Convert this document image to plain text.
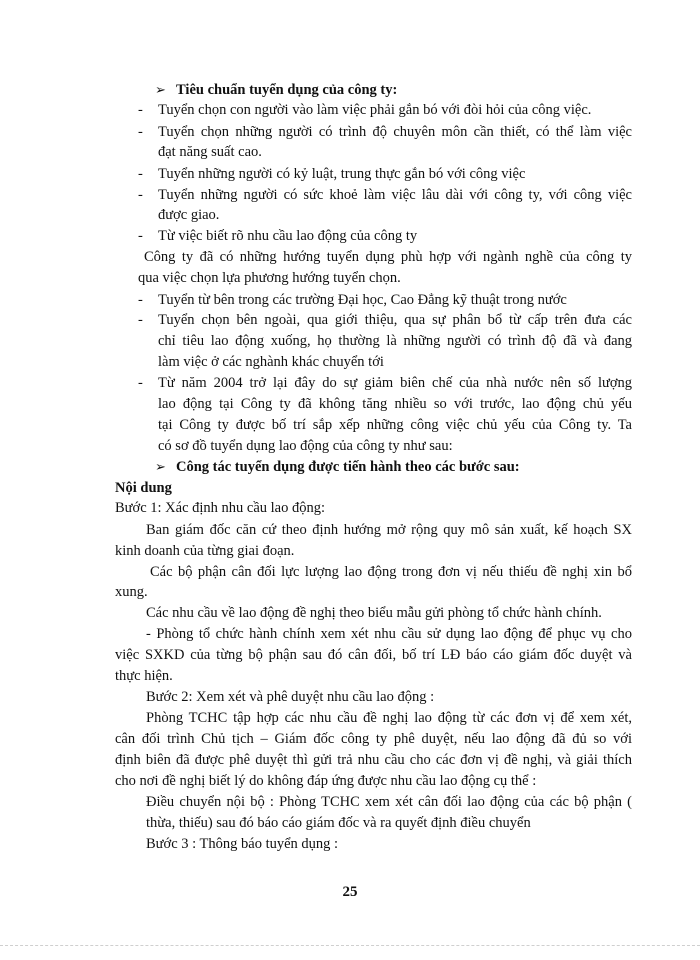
➢ Tiêu chuẩn tuyển dụng của công ty:
- Tuyển chọn con người vào làm việc phải gắn bó với đòi hỏi của công việc.
- Tuyển chọn những người có trình độ chuyên môn cần thiết, có thể làm việc
đạt năng suất cao.
- Tuyển những người có kỷ luật, trung thực gắn bó với công việc
- Tuyển những người có sức khoẻ làm việc lâu dài với công ty, với công việc
được giao.
- Từ việc biết rõ nhu cầu lao động của công ty
Công ty đã có những hướng tuyển dụng phù hợp với ngành nghề của công ty
qua việc chọn lựa phương hướng tuyển chọn.
- Tuyển từ bên trong các trường Đại học, Cao Đẳng kỹ thuật trong nước
- Tuyển chọn bên ngoài, qua giới thiệu, qua sự phân bổ từ cấp trên đưa các
chỉ tiêu lao động xuống, họ thường là những người có trình độ đã và đang
làm việc ở các nghành khác chuyển tới
- Từ năm 2004 trở lại đây do sự giảm biên chế của nhà nước nên số lượng
lao động tại Công ty đã không tăng nhiều so với trước, lao động chủ yếu
tại Công ty được bố trí sắp xếp những công việc chủ yếu của Công ty. Ta
có sơ đồ tuyển dụng lao động của công ty như sau:
➢ Công tác tuyển dụng được tiến hành theo các bước sau:
Nội dung
Bước 1: Xác định nhu cầu lao động:
Ban giám đốc căn cứ theo định hướng mở rộng quy mô sản xuất, kế hoạch SX
kinh doanh của từng giai đoạn.
Các bộ phận cân đối lực lượng lao động trong đơn vị nếu thiếu đề nghị xin bổ
xung.
Các nhu cầu về lao động đề nghị theo biểu mẫu gửi phòng tổ chức hành chính.
- Phòng tổ chức hành chính xem xét nhu cầu sử dụng lao động để phục vụ cho
việc SXKD của từng bộ phận sau đó cân đối, bố trí LĐ báo cáo giám đốc duyệt và
thực hiện.
Bước 2: Xem xét và phê duyệt nhu cầu lao động :
Phòng TCHC tập hợp các nhu cầu đề nghị lao động từ các đơn vị để xem xét,
cân đối trình Chủ tịch – Giám đốc công ty phê duyệt, nếu lao động đã đủ so với
định biên đã được phê duyệt thì gửi trả nhu cầu cho các đơn vị đề nghị, và giải thích
cho nơi đề nghị biết lý do không đáp ứng được nhu cầu lao động cụ thể :
Điều chuyển nội bộ : Phòng TCHC xem xét cân đối lao động của các bộ phận (
thừa, thiếu) sau đó báo cáo giám đốc và ra quyết định điều chuyển
Bước 3 : Thông báo tuyển dụng :
25
